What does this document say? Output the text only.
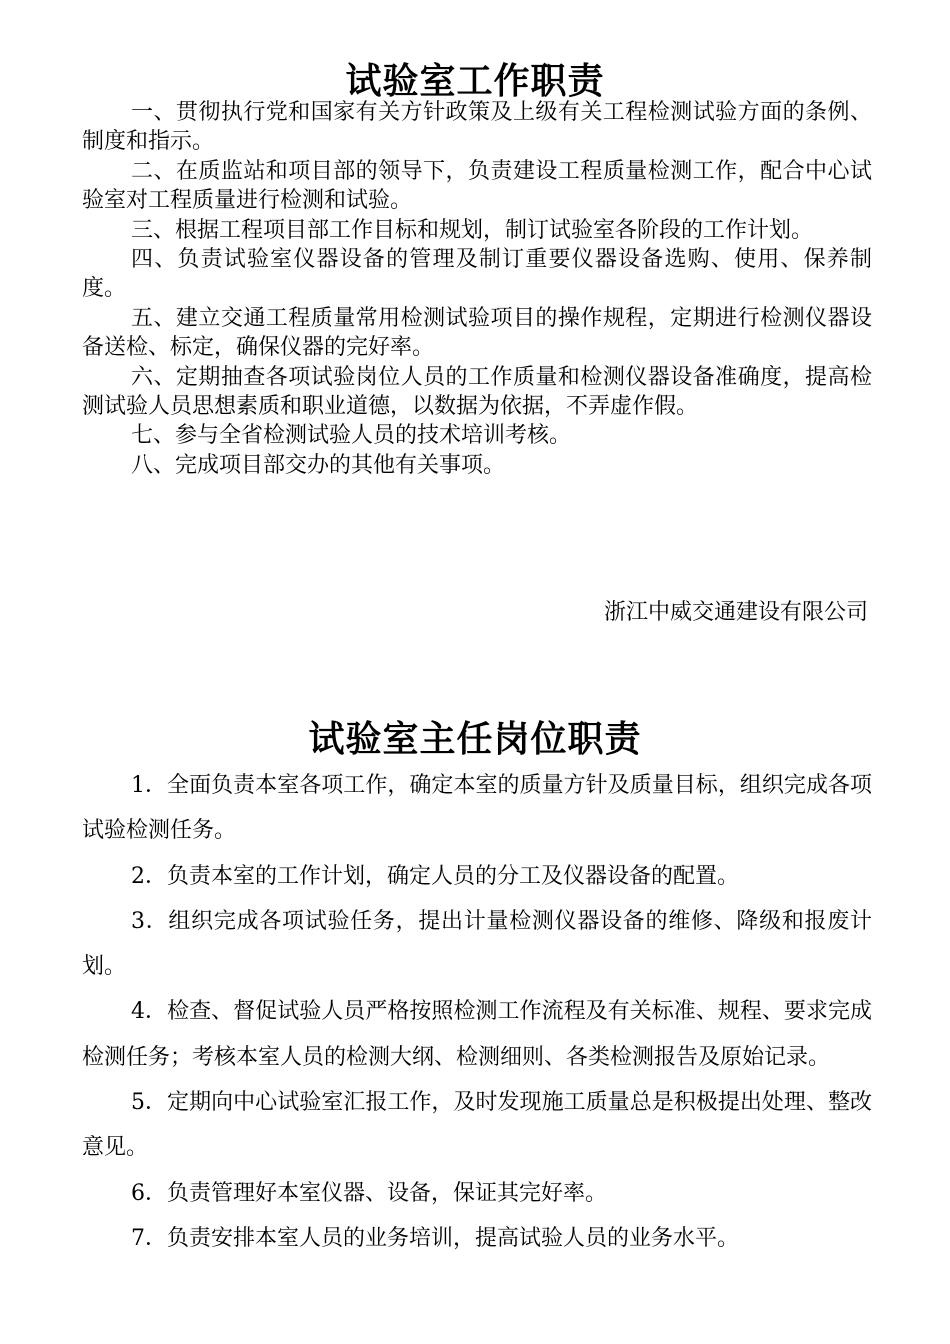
试验室工作职责

一、贯彻执行党和国家有关方针政策及上级有关工程检测试验方面的条例、制度和指示。

二、在质监站和项目部的领导下，负责建设工程质量检测工作，配合中心试验室对工程质量进行检测和试验。

三、根据工程项目部工作目标和规划，制订试验室各阶段的工作计划。

四、负责试验室仪器设备的管理及制订重要仪器设备选购、使用、保养制度。

五、建立交通工程质量常用检测试验项目的操作规程，定期进行检测仪器设备送检、标定，确保仪器的完好率。

六、定期抽查各项试验岗位人员的工作质量和检测仪器设备准确度，提高检测试验人员思想素质和职业道德，以数据为依据，不弄虚作假。

七、参与全省检测试验人员的技术培训考核。

八、完成项目部交办的其他有关事项。

浙江中威交通建设有限公司
试验室主任岗位职责

1．全面负责本室各项工作，确定本室的质量方针及质量目标，组织完成各项试验检测任务。

2．负责本室的工作计划，确定人员的分工及仪器设备的配置。

3．组织完成各项试验任务，提出计量检测仪器设备的维修、降级和报废计划。

4．检查、督促试验人员严格按照检测工作流程及有关标准、规程、要求完成检测任务；考核本室人员的检测大纲、检测细则、各类检测报告及原始记录。

5．定期向中心试验室汇报工作，及时发现施工质量总是积极提出处理、整改意见。

6．负责管理好本室仪器、设备，保证其完好率。

7．负责安排本室人员的业务培训，提高试验人员的业务水平。
